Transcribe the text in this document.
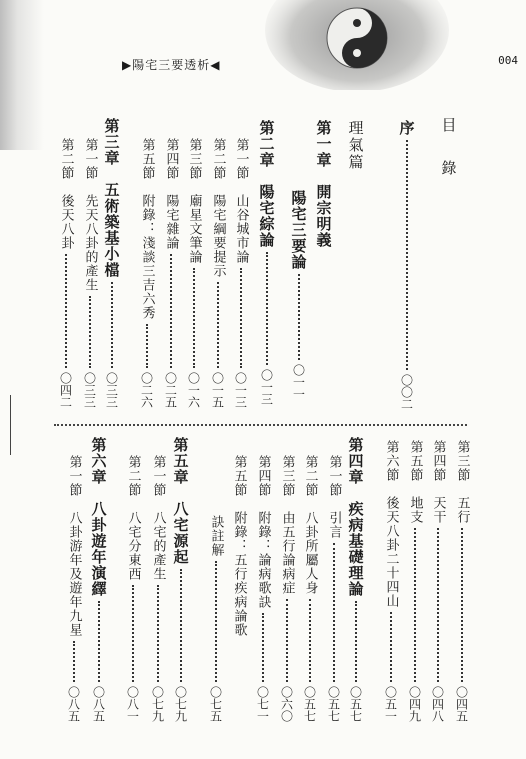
▶陽宅三要透析◀	004
目
錄
序
〇〇二
理氣篇
第一章　開宗明義
陽宅三要論
〇一一
第二章　陽宅綜論
〇一三
第一節　山谷城市論
〇一三
第二節　陽宅綱要提示
〇一五
第三節　廟星文筆論
〇一六
第四節　陽宅雜論
〇二五
第五節　附錄：淺談三吉六秀
〇二六
第三章　五術築基小檔
〇三三
第一節　先天八卦的產生
〇三三
第二節　後天八卦
〇四二
第三節　五行
〇四五
第四節　天干
〇四八
第五節　地支
〇四九
第六節　後天八卦二十四山
〇五一
第四章　疾病基礎理論
〇五七
第一節　引言
〇五七
第二節　八卦所屬人身
〇五七
第三節　由五行論病症
〇六〇
第四節　附錄：論病歌訣
〇七一
第五節　附錄：五行疾病論歌
訣註解
〇七五
第五章　八宅源起
〇七九
第一節　八宅的產生
〇七九
第二節　八宅分東西
〇八一
第六章　八卦遊年演繹
〇八五
第一節　八卦游年及遊年九星
〇八五
